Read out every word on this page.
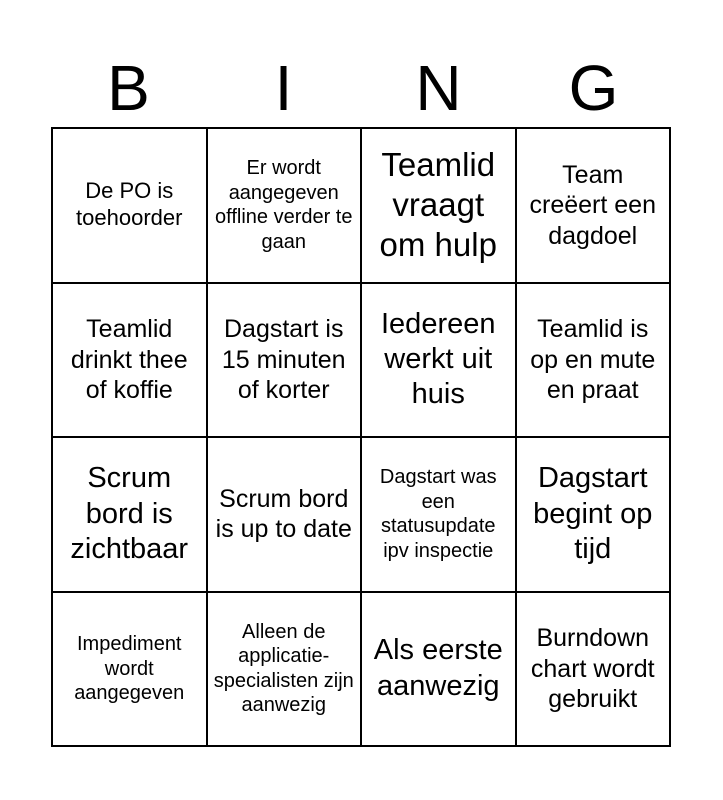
B	I	N	G
De PO is toehoorder
Er wordt aangegeven offline verder te gaan
Teamlid vraagt om hulp
Team creëert een dagdoel
Teamlid drinkt thee of koffie
Dagstart is 15 minuten of korter
Iedereen werkt uit huis
Teamlid is op en mute en praat
Scrum bord is zichtbaar
Scrum bord is up to date
Dagstart was een statusupdate ipv inspectie
Dagstart begint op tijd
Impediment wordt aangegeven
Alleen de applicatie-specialisten zijn aanwezig
Als eerste aanwezig
Burndown chart wordt gebruikt
